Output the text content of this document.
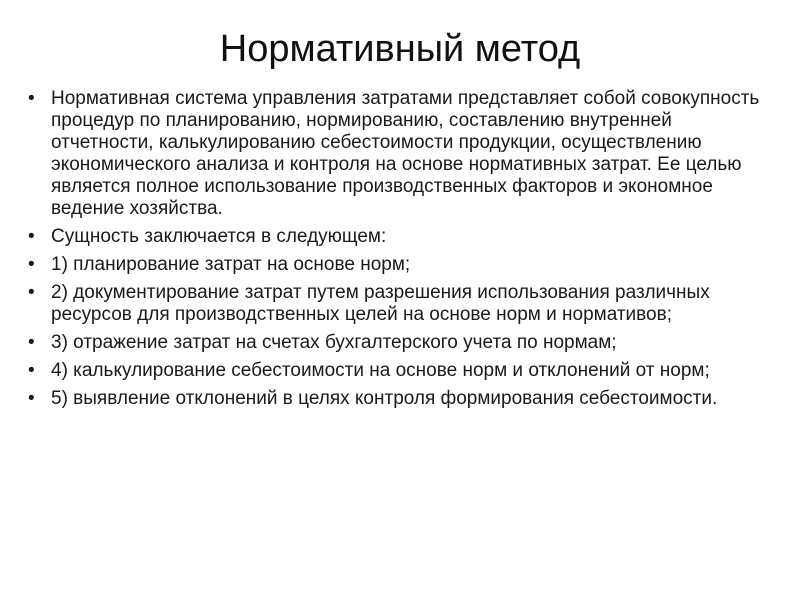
Нормативный метод
• Нормативная система управления затратами представляет собой совокупность процедур по планированию, нормированию, составлению внутренней отчетности, калькулированию себестоимости продукции, осуществлению экономического анализа и контроля на основе нормативных затрат. Ее целью является полное использование производственных факторов и экономное ведение хозяйства.
• Сущность заключается в следующем:
• 1) планирование затрат на основе норм;
• 2) документирование затрат путем разрешения использования различных ресурсов для производственных целей на основе норм и нормативов;
• 3) отражение затрат на счетах бухгалтерского учета по нормам;
• 4) калькулирование себестоимости на основе норм и отклонений от норм;
• 5) выявление отклонений в целях контроля формирования себестоимости.
